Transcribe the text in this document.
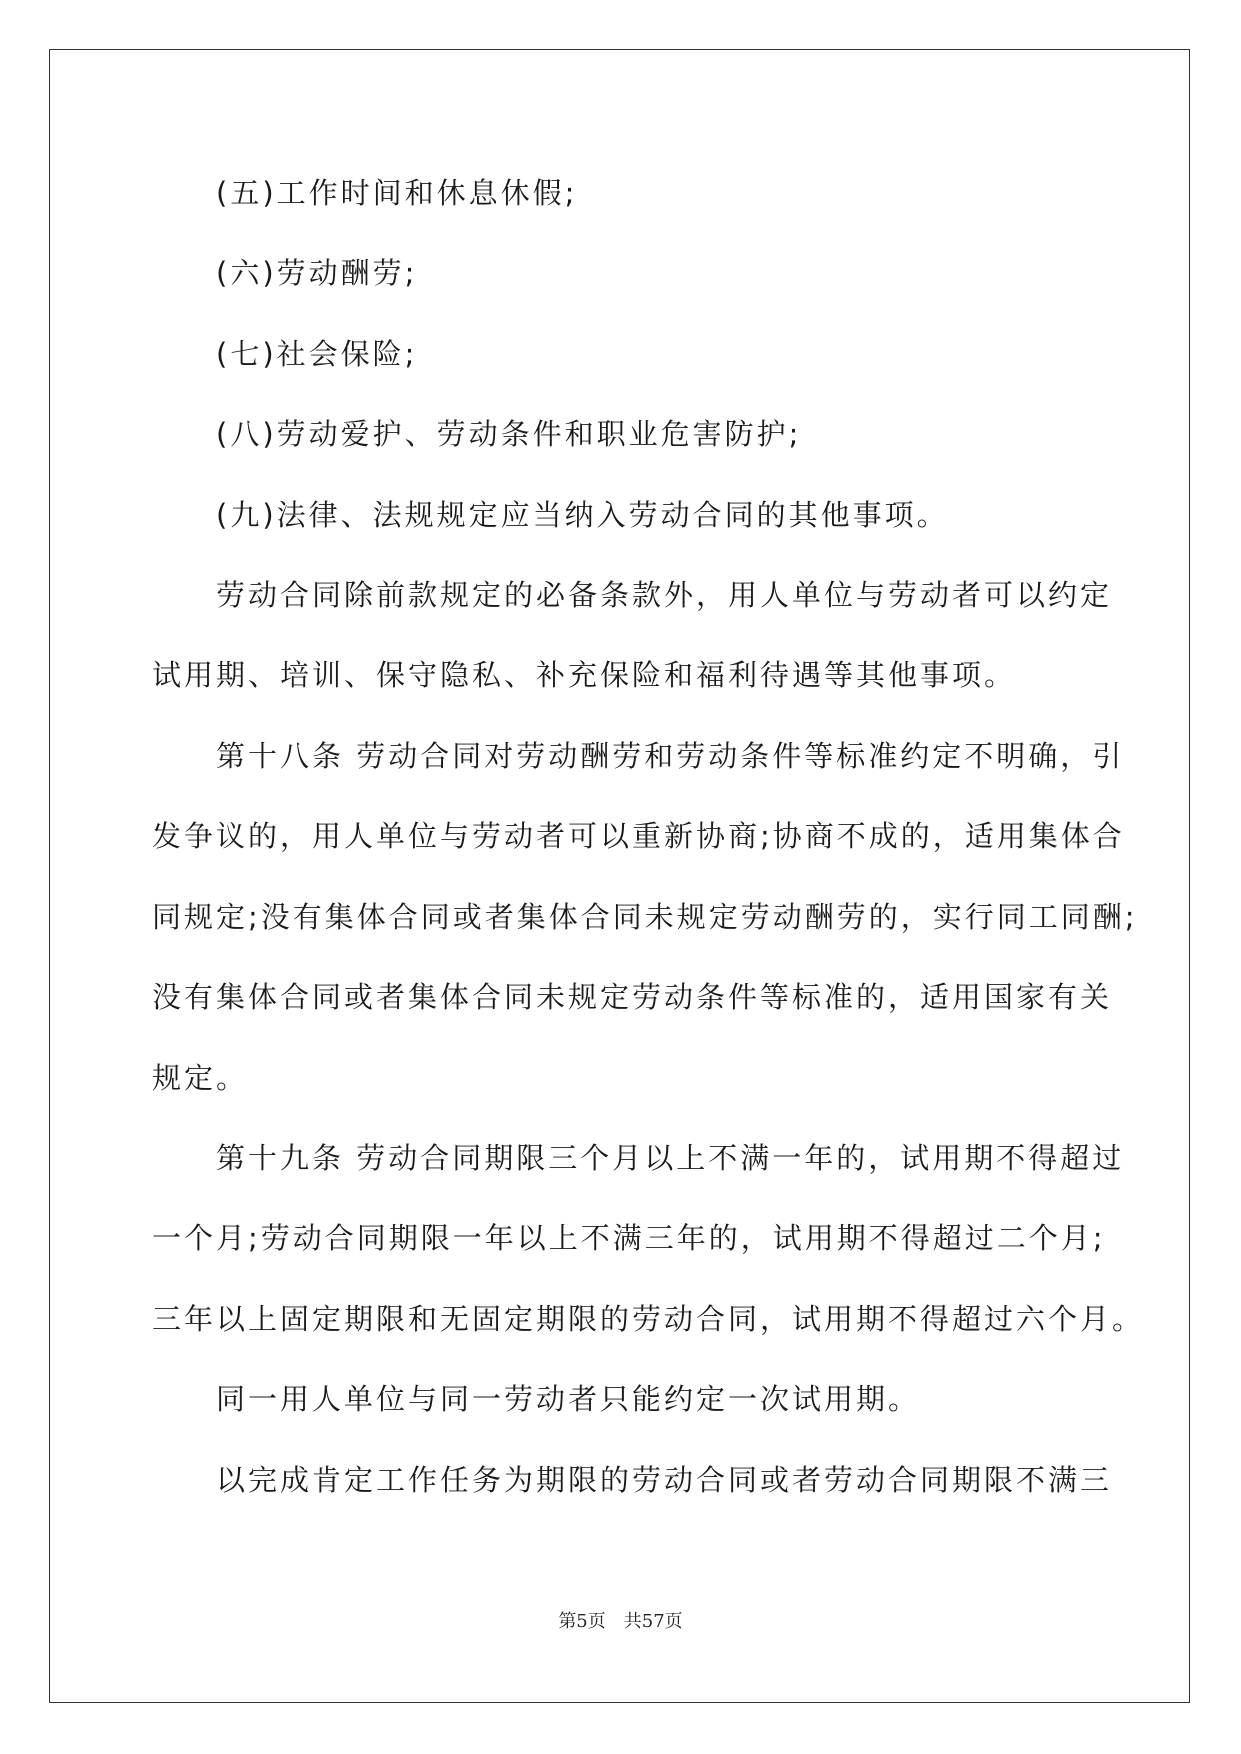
(五)工作时间和休息休假;
(六)劳动酬劳;
(七)社会保险;
(八)劳动爱护、劳动条件和职业危害防护;
(九)法律、法规规定应当纳入劳动合同的其他事项。
劳动合同除前款规定的必备条款外，用人单位与劳动者可以约定
试用期、培训、保守隐私、补充保险和福利待遇等其他事项。
第十八条 劳动合同对劳动酬劳和劳动条件等标准约定不明确，引
发争议的，用人单位与劳动者可以重新协商;协商不成的，适用集体合
同规定;没有集体合同或者集体合同未规定劳动酬劳的，实行同工同酬;
没有集体合同或者集体合同未规定劳动条件等标准的，适用国家有关
规定。
第十九条 劳动合同期限三个月以上不满一年的，试用期不得超过
一个月;劳动合同期限一年以上不满三年的，试用期不得超过二个月;
三年以上固定期限和无固定期限的劳动合同，试用期不得超过六个月。
同一用人单位与同一劳动者只能约定一次试用期。
以完成肯定工作任务为期限的劳动合同或者劳动合同期限不满三
第5页 共57页
